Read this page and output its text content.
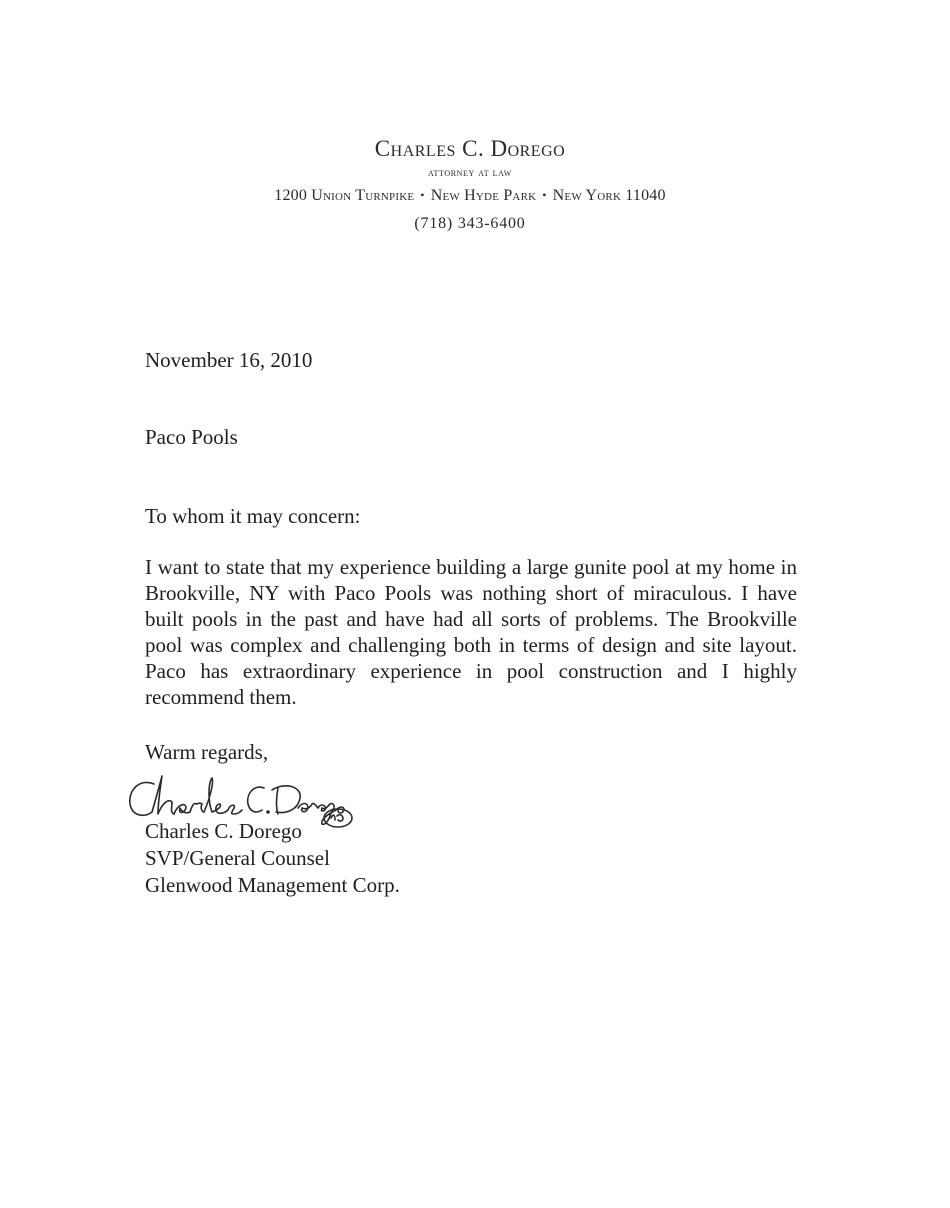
Charles C. Dorego
attorney at law
1200 Union Turnpike • New Hyde Park • New York 11040
(718) 343-6400
November 16, 2010
Paco Pools
To whom it may concern:
I want to state that my experience building a large gunite pool at my home in Brookville, NY with Paco Pools was nothing short of miraculous. I have built pools in the past and have had all sorts of problems. The Brookville pool was complex and challenging both in terms of design and site layout. Paco has extraordinary experience in pool construction and I highly recommend them.
Warm regards,
Charles C. Dorego
SVP/General Counsel
Glenwood Management Corp.
